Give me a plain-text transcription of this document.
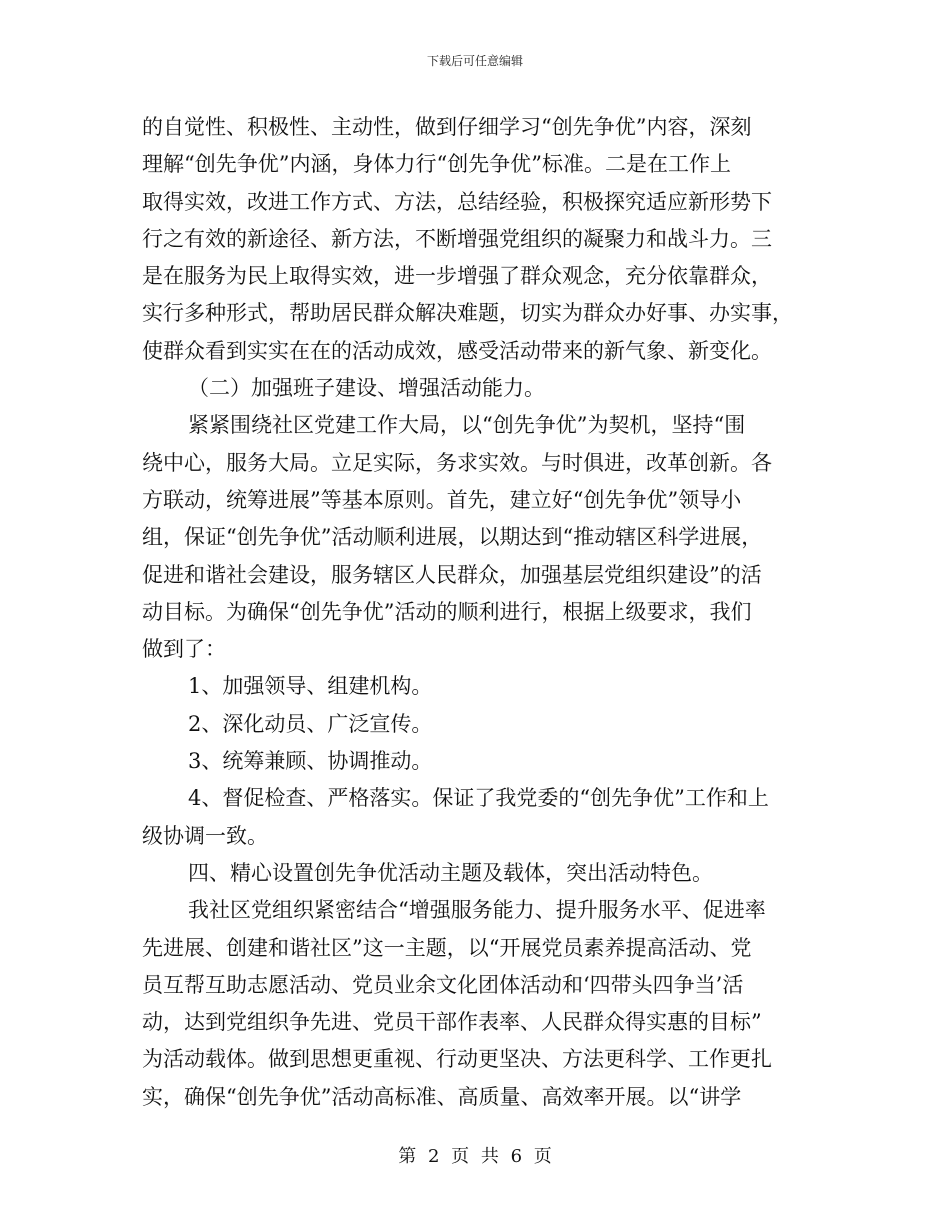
下载后可任意编辑
的自觉性、积极性、主动性，做到仔细学习“创先争优”内容，深刻
理解“创先争优”内涵，身体力行“创先争优”标准。二是在工作上
取得实效，改进工作方式、方法，总结经验，积极探究适应新形势下
行之有效的新途径、新方法，不断增强党组织的凝聚力和战斗力。三
是在服务为民上取得实效，进一步增强了群众观念，充分依靠群众，
实行多种形式，帮助居民群众解决难题，切实为群众办好事、办实事，
使群众看到实实在在的活动成效，感受活动带来的新气象、新变化。
（二）加强班子建设、增强活动能力。
紧紧围绕社区党建工作大局，以“创先争优”为契机，坚持“围
绕中心，服务大局。立足实际，务求实效。与时俱进，改革创新。各
方联动，统筹进展”等基本原则。首先，建立好“创先争优”领导小
组，保证“创先争优”活动顺利进展，以期达到“推动辖区科学进展，
促进和谐社会建设，服务辖区人民群众，加强基层党组织建设”的活
动目标。为确保“创先争优”活动的顺利进行，根据上级要求，我们
做到了：
1、加强领导、组建机构。
2、深化动员、广泛宣传。
3、统筹兼顾、协调推动。
4、督促检查、严格落实。保证了我党委的“创先争优”工作和上
级协调一致。
四、精心设置创先争优活动主题及载体，突出活动特色。
我社区党组织紧密结合“增强服务能力、提升服务水平、促进率
先进展、创建和谐社区”这一主题，以“开展党员素养提高活动、党
员互帮互助志愿活动、党员业余文化团体活动和‘四带头四争当’活
动，达到党组织争先进、党员干部作表率、人民群众得实惠的目标”
为活动载体。做到思想更重视、行动更坚决、方法更科学、工作更扎
实，确保“创先争优”活动高标准、高质量、高效率开展。以“讲学
第 2 页 共 6 页
